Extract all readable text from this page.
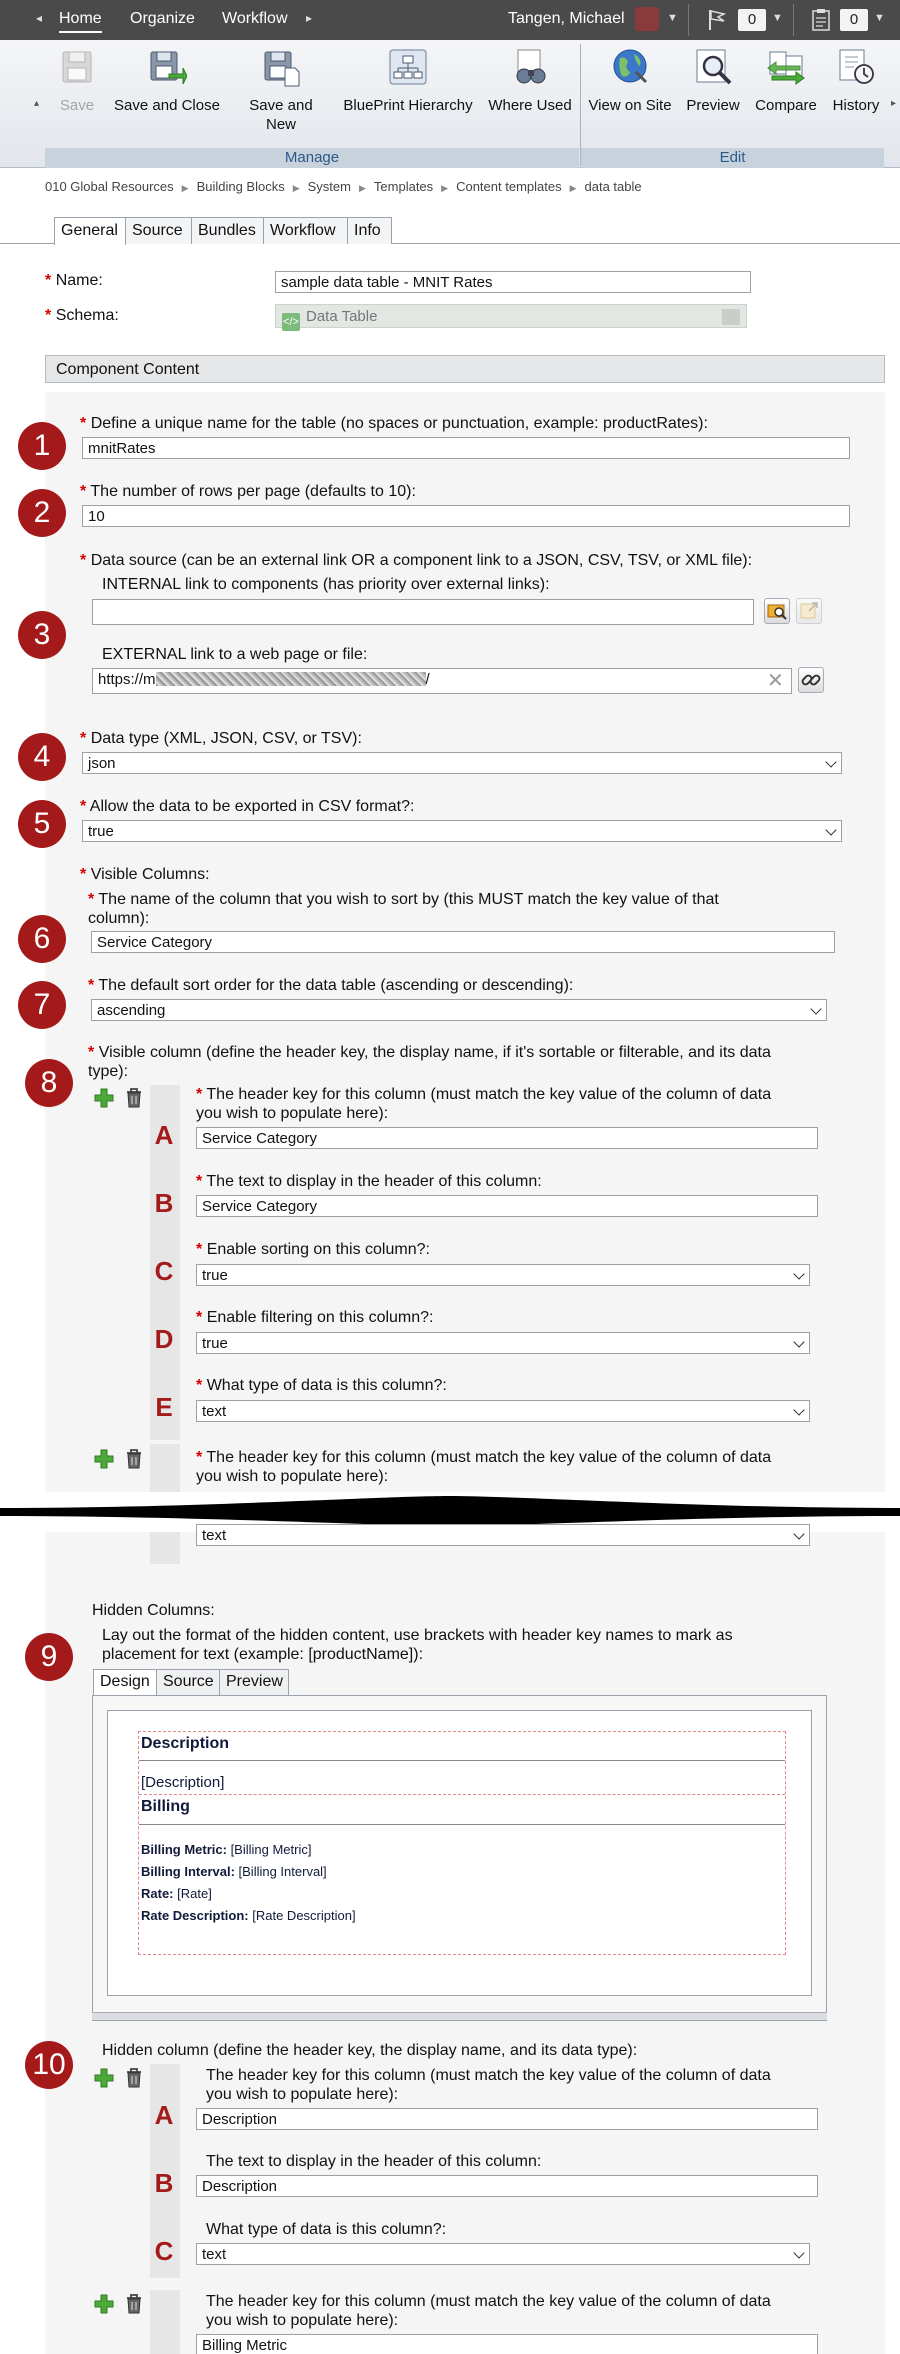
◂ Home Organize Workflow ▸	Tangen, Michael	▼	0	▼	0	▼
▴	▸
Save	Save and Close Save and New
BluePrint Hierarchy	Where Used View on Site Preview Compare	History
Manage	Edit
010 Global Resources ▶ Building Blocks ▶ System ▶ Templates ▶ Content templates ▶ data table
General Source Bundles Workflow	Info
* Name:	sample data table - MNIT Rates
* Schema:	</> Data Table
Component Content
1
* Define a unique name for the table (no spaces or punctuation, example: productRates):
mnitRates
2
* The number of rows per page (defaults to 10):
10
3
* Data source (can be an external link OR a component link to a JSON, CSV, TSV, or XML file):
INTERNAL link to components (has priority over external links):
EXTERNAL link to a web page or file:
https://m	/	✕
4
* Data type (XML, JSON, CSV, or TSV):
json
5
* Allow the data to be exported in CSV format?:
true
* Visible Columns:
6
* The name of the column that you wish to sort by (this MUST match the key value of that
column):
Service Category
7
* The default sort order for the data table (ascending or descending):
ascending
8
* Visible column (define the header key, the display name, if it's sortable or filterable, and its data
type):
A
* The header key for this column (must match the key value of the column of data
you wish to populate here):
Service Category
B
* The text to display in the header of this column:
Service Category
C
* Enable sorting on this column?:
true
D
* Enable filtering on this column?:
true
E
* What type of data is this column?:
text
* The header key for this column (must match the key value of the column of data
you wish to populate here):
text
Hidden Columns:
9
Lay out the format of the hidden content, use brackets with header key names to mark as
placement for text (example: [productName]):
Design Source Preview
Description
[Description]
Billing
Billing Metric: [Billing Metric]
Billing Interval: [Billing Interval]
Rate: [Rate]
Rate Description: [Rate Description]
10	Hidden column (define the header key, the display name, and its data type):
A
The header key for this column (must match the key value of the column of data
you wish to populate here):
Description
B
The text to display in the header of this column:
Description
C
What type of data is this column?:
text
The header key for this column (must match the key value of the column of data
you wish to populate here):
Billing Metric
